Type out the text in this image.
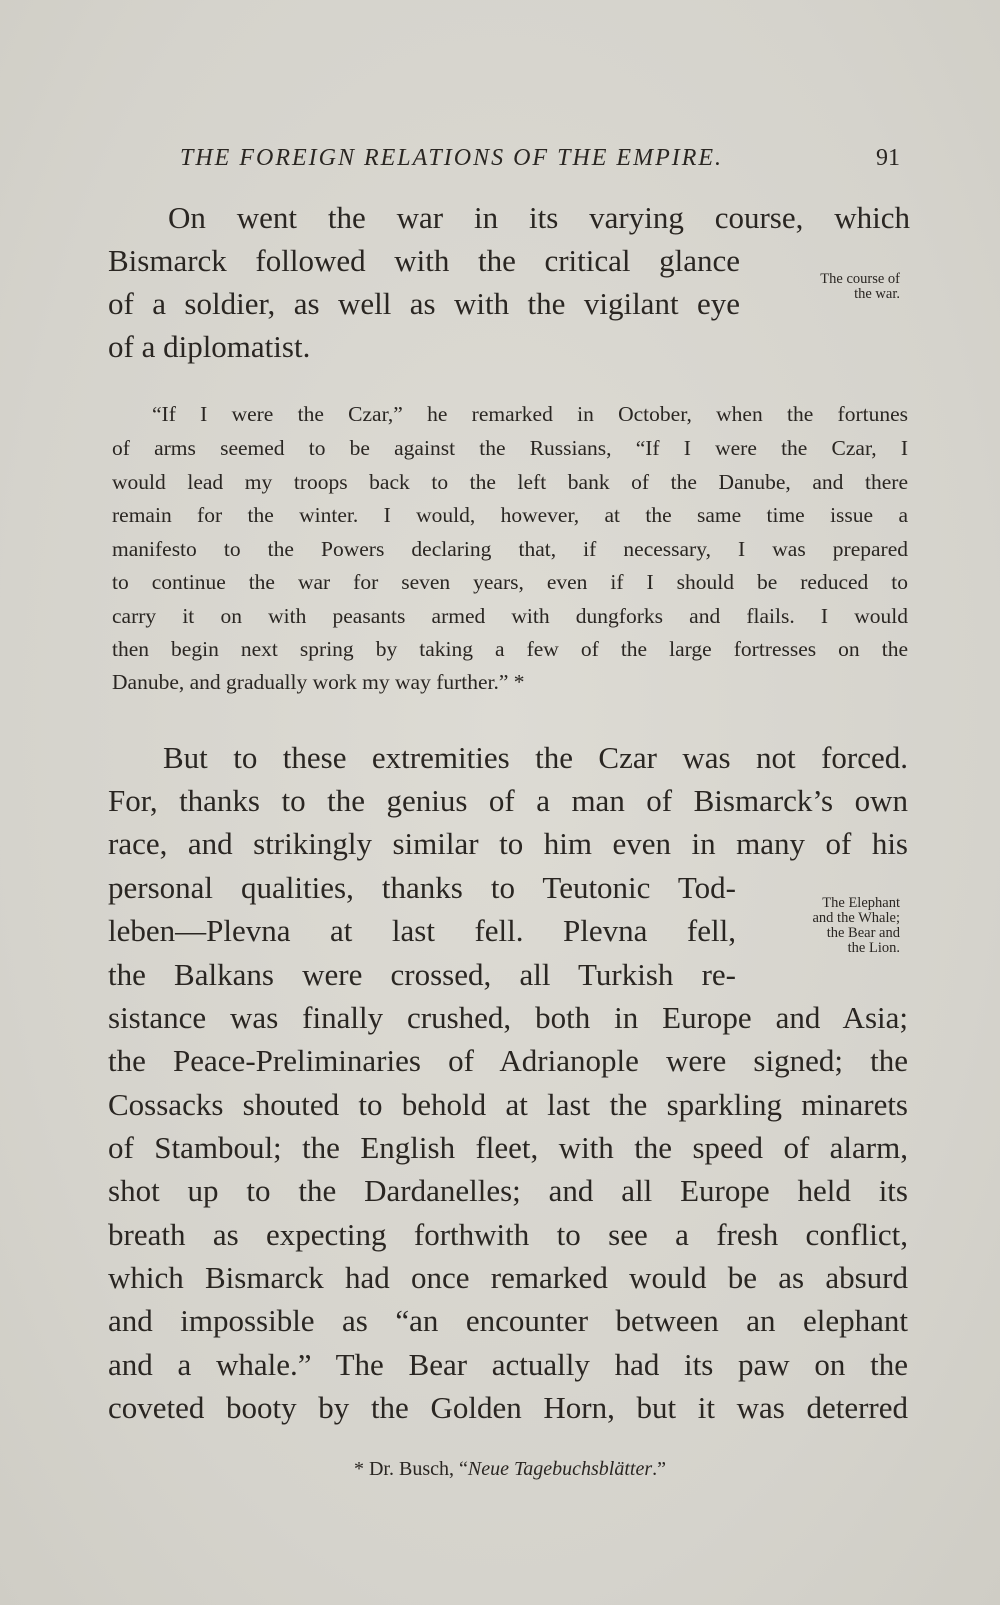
THE FOREIGN RELATIONS OF THE EMPIRE.	91
On went the war in its varying course, which
Bismarck followed with the critical glance
of a soldier, as well as with the vigilant eye
of a diplomatist.
The course of
the war.
“If I were the Czar,” he remarked in October, when the fortunes
of arms seemed to be against the Russians, “If I were the Czar, I
would lead my troops back to the left bank of the Danube, and there
remain for the winter. I would, however, at the same time issue a
manifesto to the Powers declaring that, if necessary, I was prepared
to continue the war for seven years, even if I should be reduced to
carry it on with peasants armed with dungforks and flails. I would
then begin next spring by taking a few of the large fortresses on the
Danube, and gradually work my way further.” *
But to these extremities the Czar was not forced.
For, thanks to the genius of a man of Bismarck’s own
race, and strikingly similar to him even in many of his
personal qualities, thanks to Teutonic Tod-
leben—Plevna at last fell. Plevna fell,
the Balkans were crossed, all Turkish re-
sistance was finally crushed, both in Europe and Asia;
the Peace-Preliminaries of Adrianople were signed; the
Cossacks shouted to behold at last the sparkling minarets
of Stamboul; the English fleet, with the speed of alarm,
shot up to the Dardanelles; and all Europe held its
breath as expecting forthwith to see a fresh conflict,
which Bismarck had once remarked would be as absurd
and impossible as “an encounter between an elephant
and a whale.” The Bear actually had its paw on the
coveted booty by the Golden Horn, but it was deterred
The Elephant
and the Whale;
the Bear and
the Lion.
* Dr. Busch, “Neue Tagebuchsblätter.”
